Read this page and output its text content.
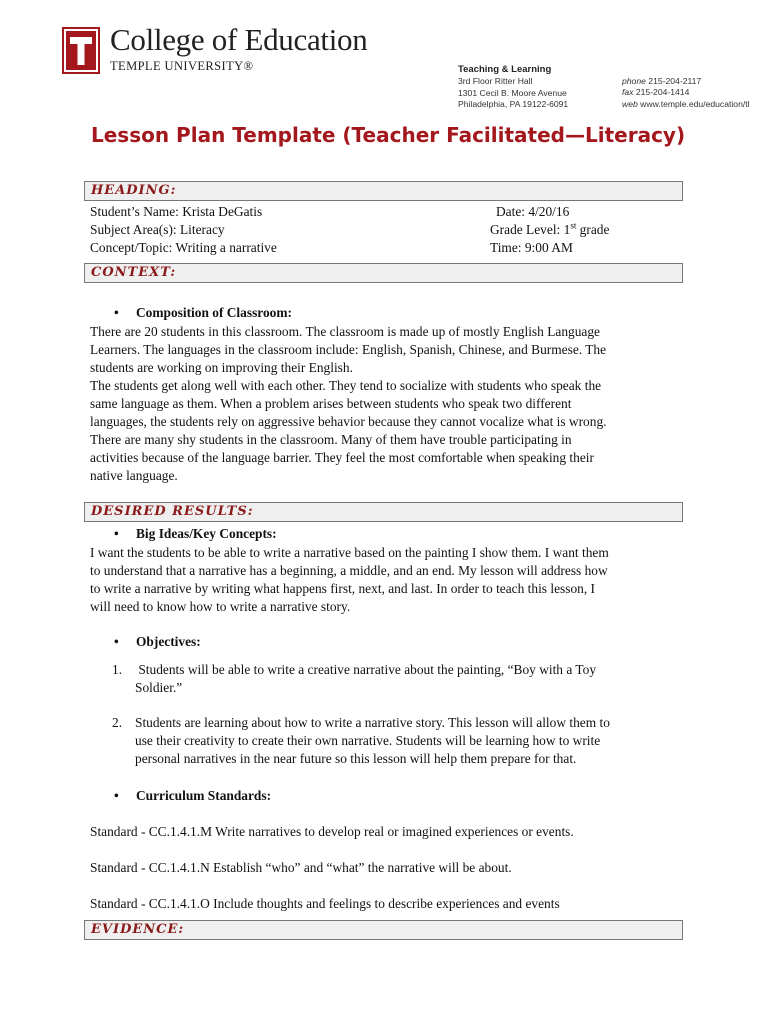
College of Education
TEMPLE UNIVERSITY®	Teaching & Learning
3rd Floor Ritter Hall
1301 Cecil B. Moore Avenue
Philadelphia, PA 19122-6091
phone 215-204-2117
fax 215-204-1414
web www.temple.edu/education/tl
Lesson Plan Template (Teacher Facilitated—Literacy)
HEADING:
Student’s Name: Krista DeGatis
Subject Area(s): Literacy
Concept/Topic: Writing a narrative
Date: 4/20/16
Grade Level: 1st grade
Time: 9:00 AM
CONTEXT:
• Composition of Classroom:

There are 20 students in this classroom. The classroom is made up of mostly English Language

Learners. The languages in the classroom include: English, Spanish, Chinese, and Burmese. The

students are working on improving their English.

The students get along well with each other. They tend to socialize with students who speak the

same language as them. When a problem arises between students who speak two different

languages, the students rely on aggressive behavior because they cannot vocalize what is wrong.

There are many shy students in the classroom. Many of them have trouble participating in

activities because of the language barrier. They feel the most comfortable when speaking their

native language.

DESIRED RESULTS:
• Big Ideas/Key Concepts:

I want the students to be able to write a narrative based on the painting I show them. I want them

to understand that a narrative has a beginning, a middle, and an end. My lesson will address how

to write a narrative by writing what happens first, next, and last. In order to teach this lesson, I

will need to know how to write a narrative story.

• Objectives:
1. Students will be able to write a creative narrative about the painting, “Boy with a Toy
Soldier.”
2. Students are learning about how to write a narrative story. This lesson will allow them to
use their creativity to create their own narrative. Students will be learning how to write
personal narratives in the near future so this lesson will help them prepare for that.
• Curriculum Standards:
Standard - CC.1.4.1.M Write narratives to develop real or imagined experiences or events.
Standard - CC.1.4.1.N Establish “who” and “what” the narrative will be about.
Standard - CC.1.4.1.O Include thoughts and feelings to describe experiences and events
EVIDENCE:
